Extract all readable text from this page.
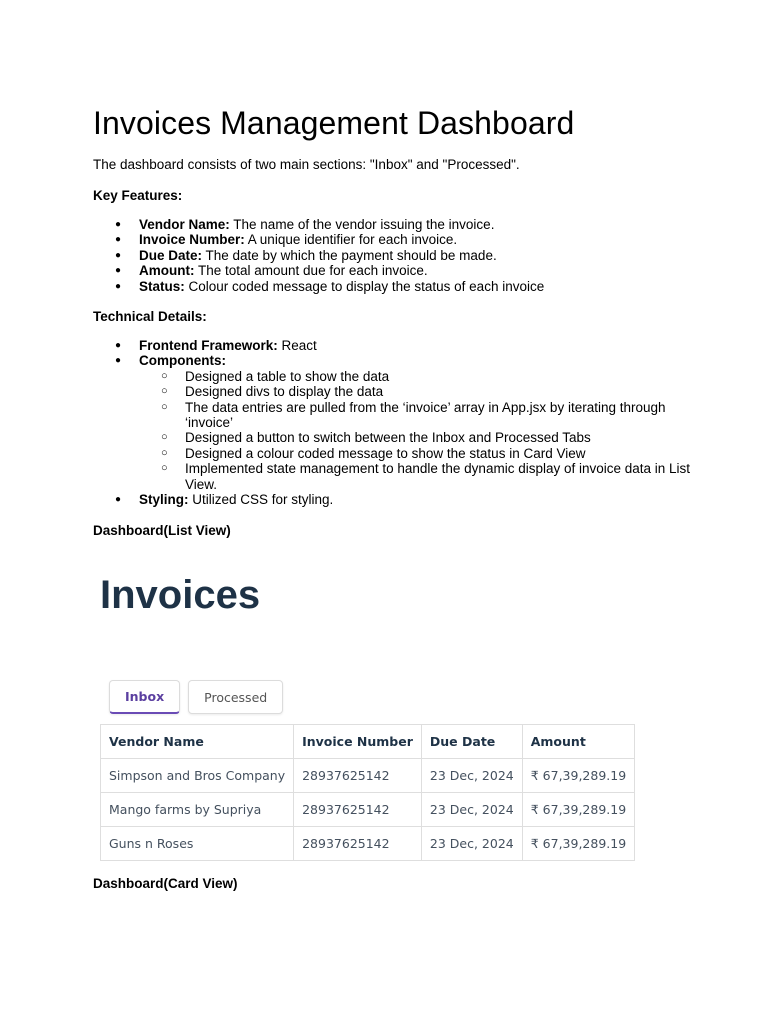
Invoices Management Dashboard

The dashboard consists of two main sections: "Inbox" and "Processed".

Key Features:

● Vendor Name: The name of the vendor issuing the invoice.
● Invoice Number: A unique identifier for each invoice.
● Due Date: The date by which the payment should be made.
● Amount: The total amount due for each invoice.
● Status: Colour coded message to display the status of each invoice

Technical Details:

● Frontend Framework: React
● Components:
○ Designed a table to show the data
○ Designed divs to display the data
○ The data entries are pulled from the ‘invoice’ array in App.jsx by iterating through ‘invoice’
○ Designed a button to switch between the Inbox and Processed Tabs
○ Designed a colour coded message to show the status in Card View
○ Implemented state management to handle the dynamic display of invoice data in List View.
● Styling: Utilized CSS for styling.

Dashboard(List View)

Invoices
Inbox	Processed
Vendor Name	Invoice Number	Due Date	Amount
Simpson and Bros Company	28937625142	23 Dec, 2024	₹ 67,39,289.19
Mango farms by Supriya	28937625142	23 Dec, 2024	₹ 67,39,289.19
Guns n Roses	28937625142	23 Dec, 2024	₹ 67,39,289.19

Dashboard(Card View)
